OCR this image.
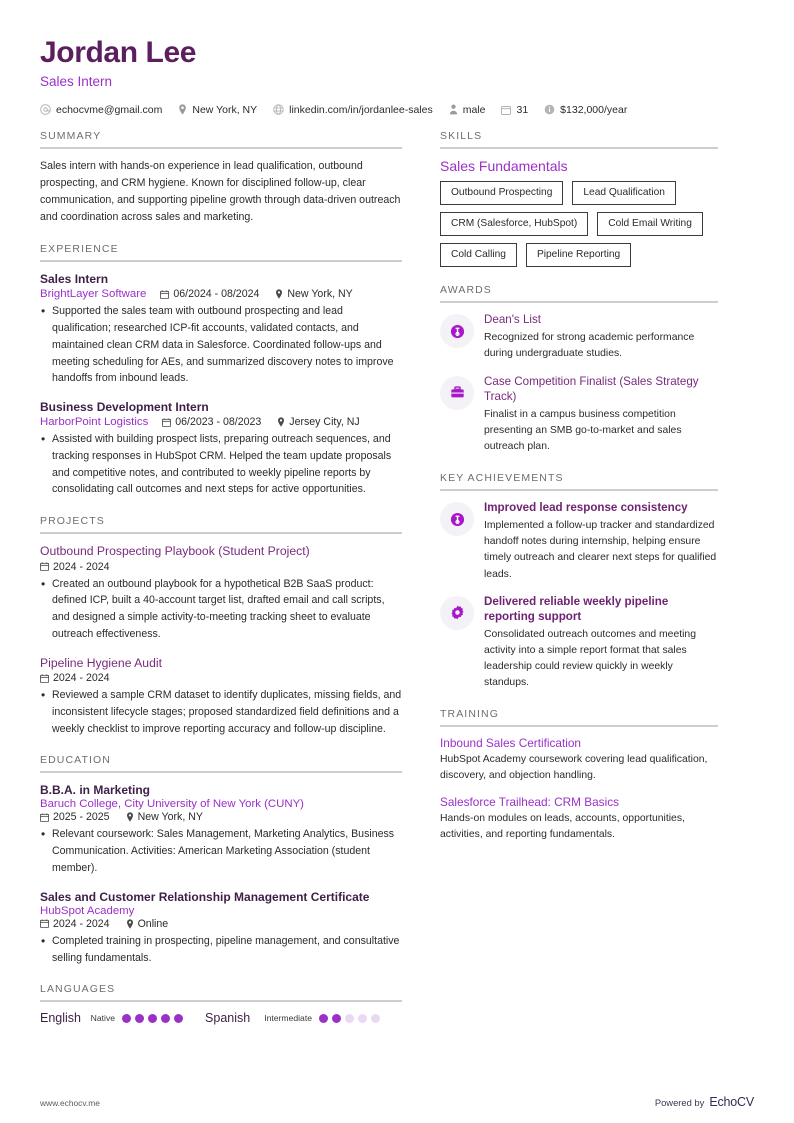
Jordan Lee
Sales Intern
echocvme@gmail.com	New York, NY	linkedin.com/in/jordanlee-sales	male	31	$132,000/year
SUMMARY
Sales intern with hands-on experience in lead qualification, outbound prospecting, and CRM hygiene. Known for disciplined follow-up, clear communication, and supporting pipeline growth through data-driven outreach and coordination across sales and marketing.
EXPERIENCE
Sales Intern
BrightLayer Software	06/2024 - 08/2024	New York, NY
• Supported the sales team with outbound prospecting and lead qualification; researched ICP-fit accounts, validated contacts, and maintained clean CRM data in Salesforce. Coordinated follow-ups and meeting scheduling for AEs, and summarized discovery notes to improve handoffs from inbound leads.
Business Development Intern
HarborPoint Logistics	06/2023 - 08/2023	Jersey City, NJ
• Assisted with building prospect lists, preparing outreach sequences, and tracking responses in HubSpot CRM. Helped the team update proposals and competitive notes, and contributed to weekly pipeline reports by consolidating call outcomes and next steps for active opportunities.
PROJECTS
Outbound Prospecting Playbook (Student Project)
2024 - 2024
• Created an outbound playbook for a hypothetical B2B SaaS product: defined ICP, built a 40-account target list, drafted email and call scripts, and designed a simple activity-to-meeting tracking sheet to evaluate outreach effectiveness.
Pipeline Hygiene Audit
2024 - 2024
• Reviewed a sample CRM dataset to identify duplicates, missing fields, and inconsistent lifecycle stages; proposed standardized field definitions and a weekly checklist to improve reporting accuracy and follow-up discipline.
EDUCATION
B.B.A. in Marketing
Baruch College, City University of New York (CUNY)
2025 - 2025	New York, NY
• Relevant coursework: Sales Management, Marketing Analytics, Business Communication. Activities: American Marketing Association (student member).
Sales and Customer Relationship Management Certificate
HubSpot Academy
2024 - 2024	Online
• Completed training in prospecting, pipeline management, and consultative selling fundamentals.
LANGUAGES
English	Native	Spanish Intermediate
SKILLS
Sales Fundamentals
Outbound Prospecting	Lead Qualification
CRM (Salesforce, HubSpot)	Cold Email Writing
Cold Calling	Pipeline Reporting
AWARDS
Dean's List
Recognized for strong academic performance during undergraduate studies.
Case Competition Finalist (Sales Strategy Track)
Finalist in a campus business competition presenting an SMB go-to-market and sales outreach plan.
KEY ACHIEVEMENTS
Improved lead response consistency
Implemented a follow-up tracker and standardized handoff notes during internship, helping ensure timely outreach and clearer next steps for qualified leads.
Delivered reliable weekly pipeline reporting support
Consolidated outreach outcomes and meeting activity into a simple report format that sales leadership could review quickly in weekly standups.
TRAINING
Inbound Sales Certification
HubSpot Academy coursework covering lead qualification, discovery, and objection handling.
Salesforce Trailhead: CRM Basics
Hands-on modules on leads, accounts, opportunities, activities, and reporting fundamentals.
www.echocv.me	Powered by EchoCV
